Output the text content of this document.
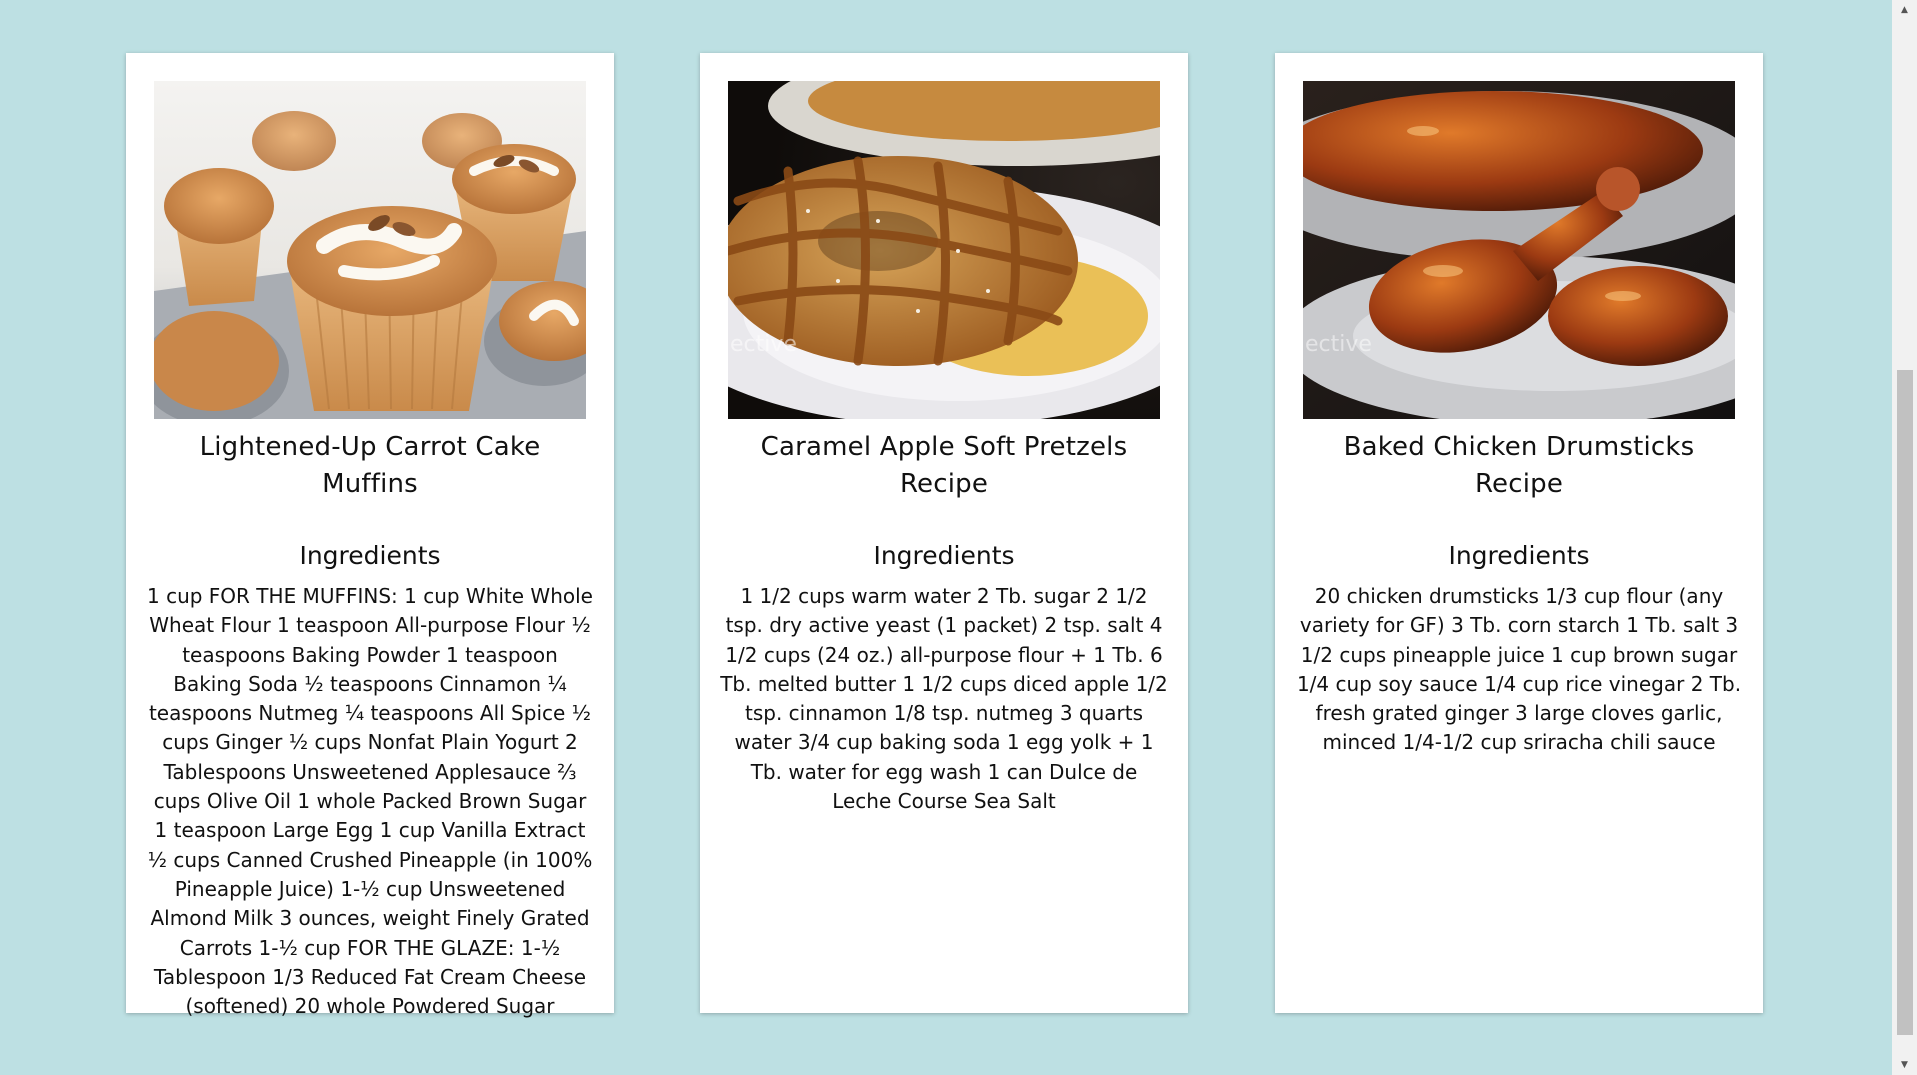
Lightened-Up Carrot Cake Muffins
Ingredients

1 cup FOR THE MUFFINS: 1 cup White Whole Wheat Flour 1 teaspoon All-purpose Flour ½ teaspoons Baking Powder 1 teaspoon Baking Soda ½ teaspoons Cinnamon ¼ teaspoons Nutmeg ¼ teaspoons All Spice ½ cups Ginger ½ cups Nonfat Plain Yogurt 2 Tablespoons Unsweetened Applesauce ⅔ cups Olive Oil 1 whole Packed Brown Sugar 1 teaspoon Large Egg 1 cup Vanilla Extract ½ cups Canned Crushed Pineapple (in 100% Pineapple Juice) 1-½ cup Unsweetened Almond Milk 3 ounces, weight Finely Grated Carrots 1-½ cup FOR THE GLAZE: 1-½ Tablespoon 1/3 Reduced Fat Cream Cheese (softened) 20 whole Powdered Sugar

ective
Caramel Apple Soft Pretzels Recipe
Ingredients

1 1/2 cups warm water 2 Tb. sugar 2 1/2 tsp. dry active yeast (1 packet) 2 tsp. salt 4 1/2 cups (24 oz.) all-purpose flour + 1 Tb. 6 Tb. melted butter 1 1/2 cups diced apple 1/2 tsp. cinnamon 1/8 tsp. nutmeg 3 quarts water 3/4 cup baking soda 1 egg yolk + 1 Tb. water for egg wash 1 can Dulce de Leche Course Sea Salt

ective
Baked Chicken Drumsticks Recipe
Ingredients

20 chicken drumsticks 1/3 cup flour (any variety for GF) 3 Tb. corn starch 1 Tb. salt 3 1/2 cups pineapple juice 1 cup brown sugar 1/4 cup soy sauce 1/4 cup rice vinegar 2 Tb. fresh grated ginger 3 large cloves garlic, minced 1/4-1/2 cup sriracha chili sauce

▲
▼
